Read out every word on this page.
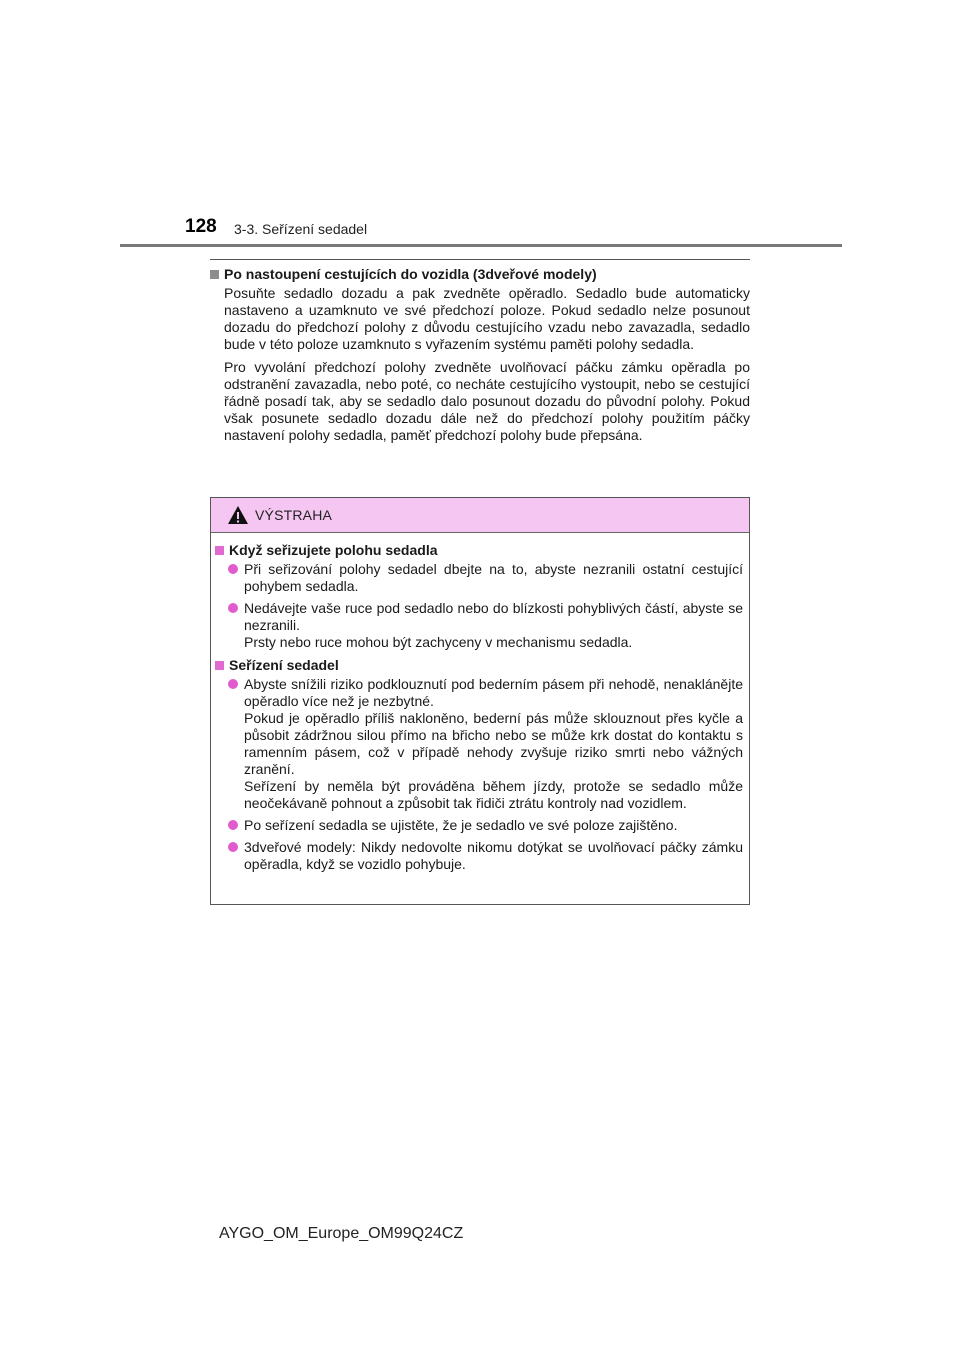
128 3-3. Seřízení sedadel
Po nastoupení cestujících do vozidla (3dveřové modely)
Posuňte sedadlo dozadu a pak zvedněte opěradlo. Sedadlo bude automaticky nastaveno a uzamknuto ve své předchozí poloze. Pokud sedadlo nelze posunout dozadu do předchozí polohy z důvodu cestujícího vzadu nebo zavazadla, sedadlo bude v této poloze uzamknuto s vyřazením systému paměti polohy sedadla.
Pro vyvolání předchozí polohy zvedněte uvolňovací páčku zámku opěradla po odstranění zavazadla, nebo poté, co necháte cestujícího vystoupit, nebo se cestující řádně posadí tak, aby se sedadlo dalo posunout dozadu do původní polohy. Pokud však posunete sedadlo dozadu dále než do předchozí polohy použitím páčky nastavení polohy sedadla, paměť předchozí polohy bude přepsána.
VÝSTRAHA
Když seřizujete polohu sedadla
Při seřizování polohy sedadel dbejte na to, abyste nezranili ostatní cestující pohybem sedadla.
Nedávejte vaše ruce pod sedadlo nebo do blízkosti pohyblivých částí, abyste se nezranili.
Prsty nebo ruce mohou být zachyceny v mechanismu sedadla.
Seřízení sedadel
Abyste snížili riziko podklouznutí pod bederním pásem při nehodě, nenaklánějte opěradlo více než je nezbytné.
Pokud je opěradlo příliš nakloněno, bederní pás může sklouznout přes kyčle a působit zádržnou silou přímo na břicho nebo se může krk dostat do kontaktu s ramenním pásem, což v případě nehody zvyšuje riziko smrti nebo vážných zranění.
Seřízení by neměla být prováděna během jízdy, protože se sedadlo může neočekávaně pohnout a způsobit tak řidiči ztrátu kontroly nad vozidlem.
Po seřízení sedadla se ujistěte, že je sedadlo ve své poloze zajištěno.
3dveřové modely: Nikdy nedovolte nikomu dotýkat se uvolňovací páčky zámku opěradla, když se vozidlo pohybuje.
AYGO_OM_Europe_OM99Q24CZ
